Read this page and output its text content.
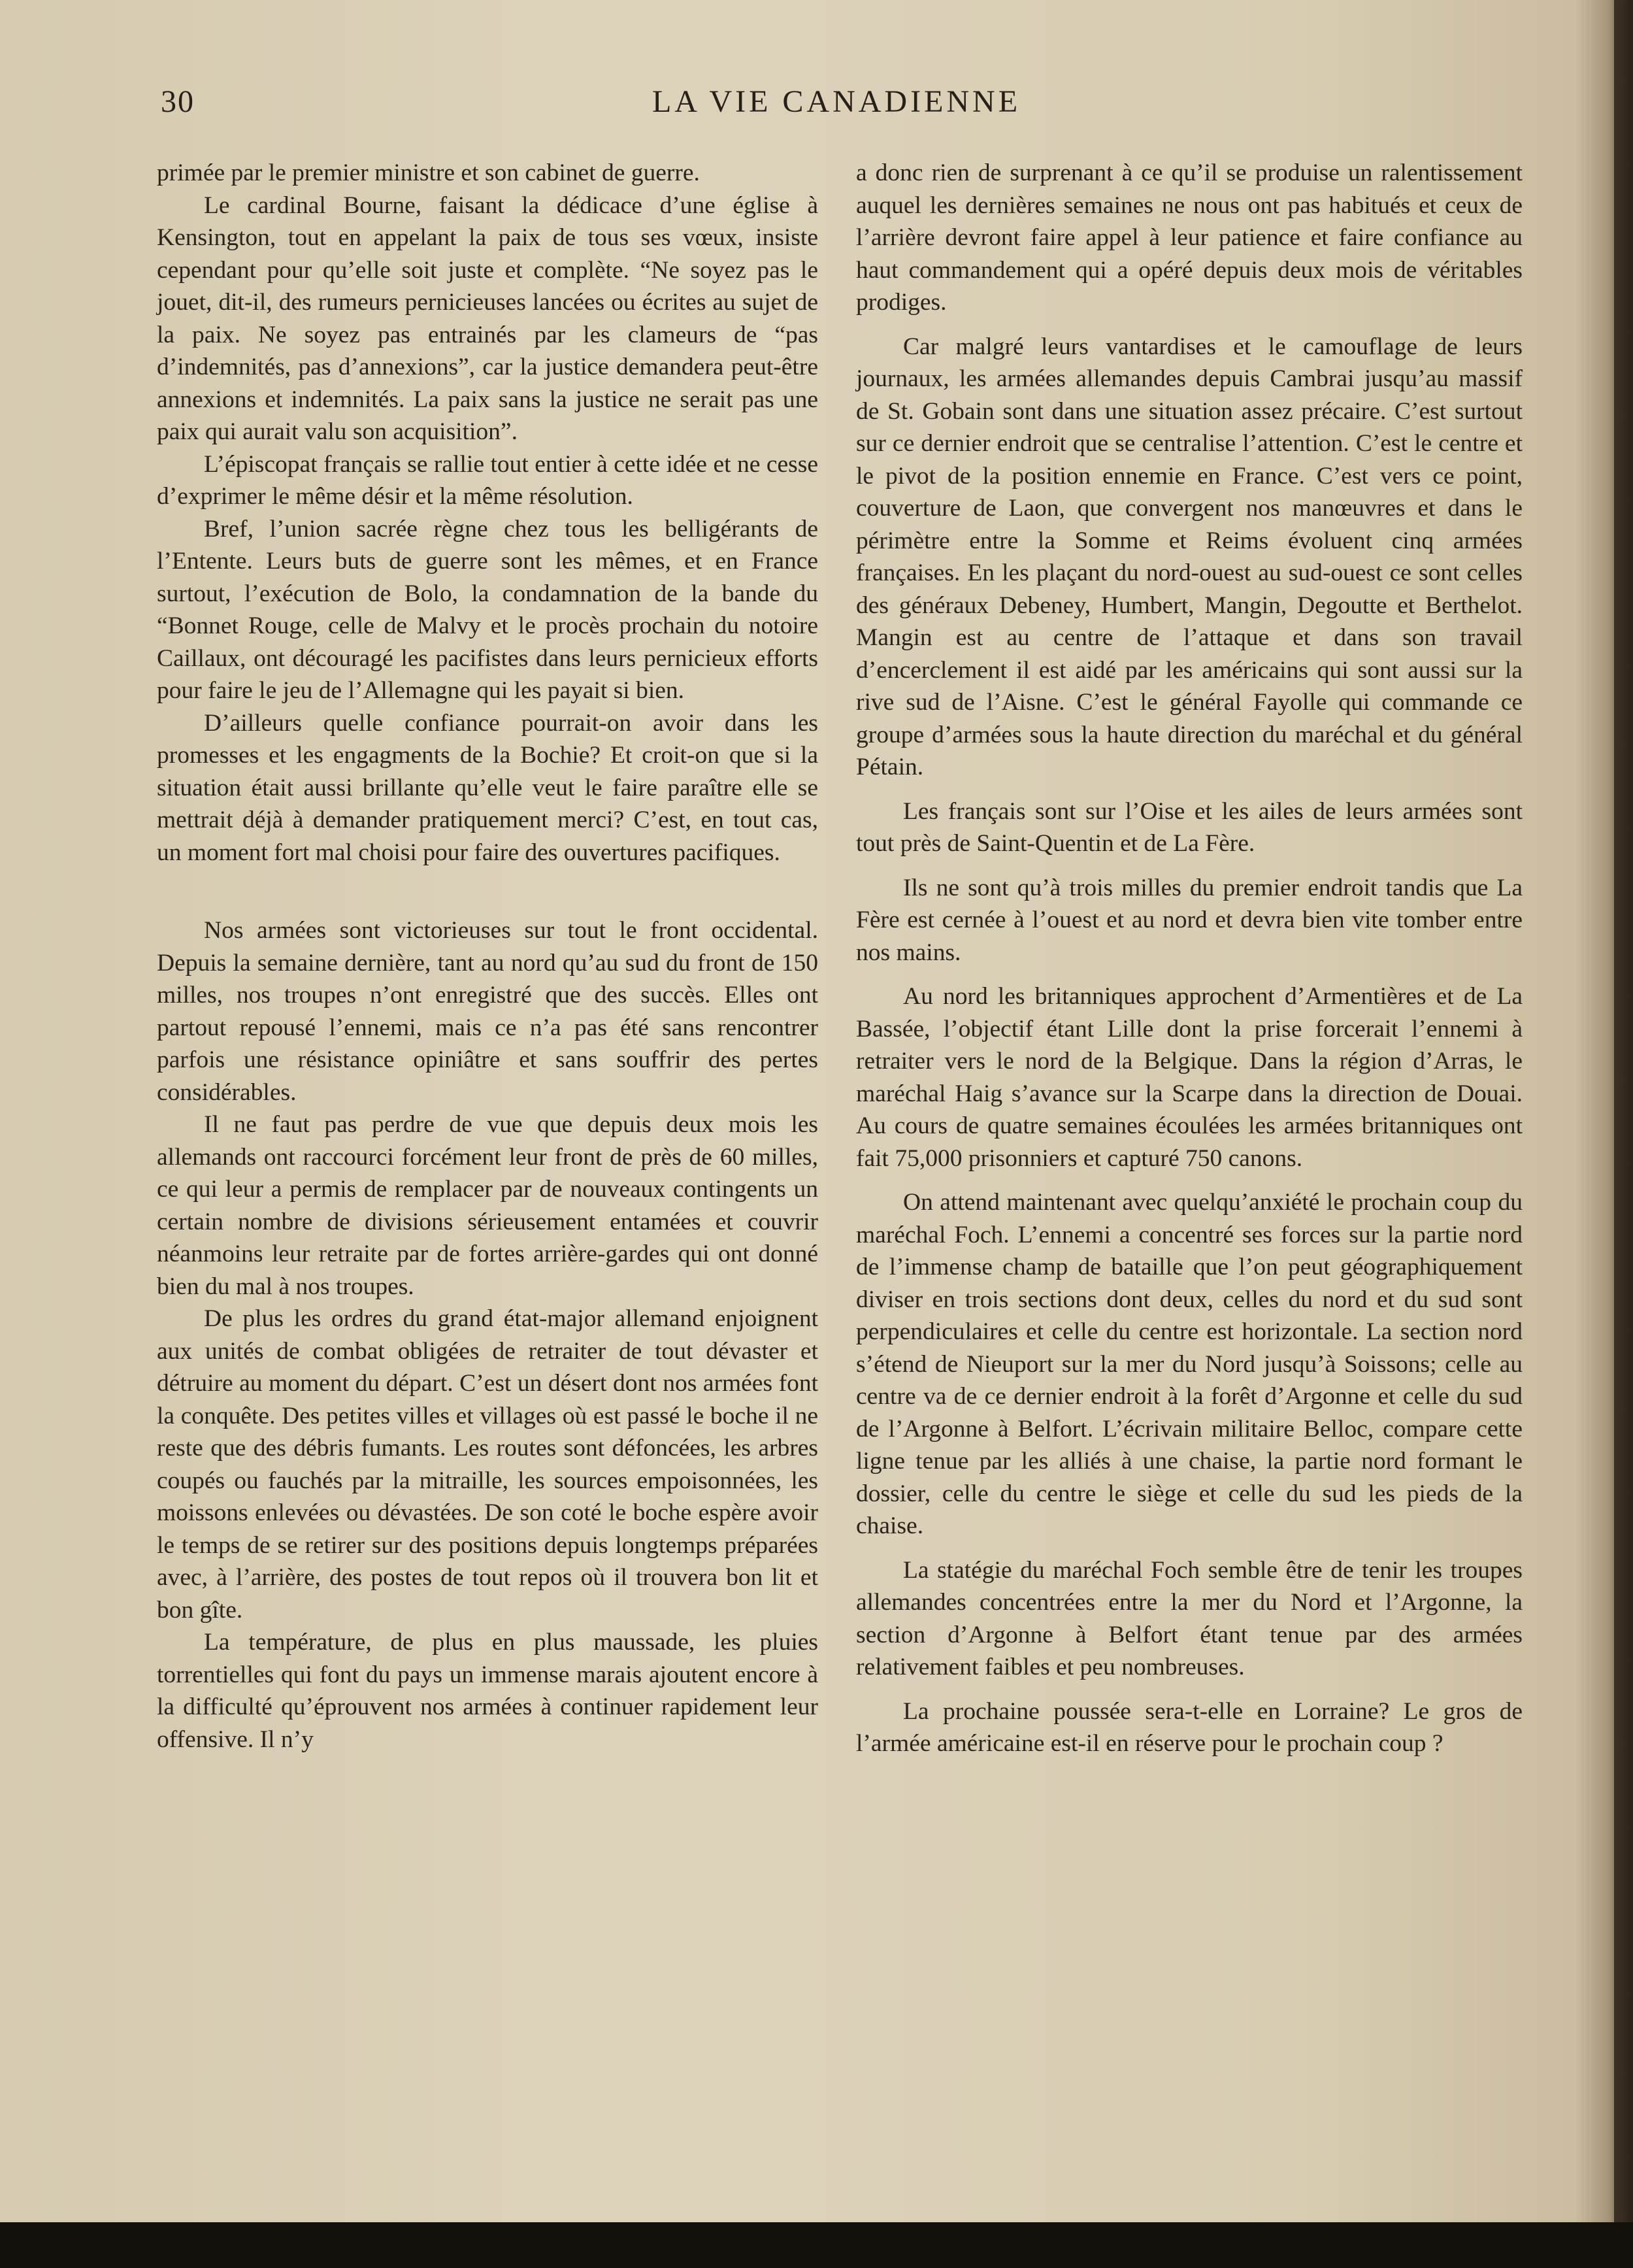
30	LA VIE CANADIENNE

primée par le premier ministre et son cabinet de guerre.

Le cardinal Bourne, faisant la dédicace d’une église à Kensington, tout en appelant la paix de tous ses vœux, insiste cependant pour qu’elle soit juste et complète. “Ne soyez pas le jouet, dit-il, des rumeurs pernicieuses lancées ou écrites au sujet de la paix. Ne soyez pas entrainés par les clameurs de “pas d’indemnités, pas d’annexions”, car la justice demandera peut-être annexions et indemnités. La paix sans la justice ne serait pas une paix qui aurait valu son acquisition”.

L’épiscopat français se rallie tout entier à cette idée et ne cesse d’exprimer le même désir et la même résolution.

Bref, l’union sacrée règne chez tous les belligérants de l’Entente. Leurs buts de guerre sont les mêmes, et en France surtout, l’exécution de Bolo, la condamnation de la bande du “Bonnet Rouge, celle de Malvy et le procès prochain du notoire Caillaux, ont découragé les pacifistes dans leurs pernicieux efforts pour faire le jeu de l’Allemagne qui les payait si bien.

D’ailleurs quelle confiance pourrait-on avoir dans les promesses et les engagments de la Bochie? Et croit-on que si la situation était aussi brillante qu’elle veut le faire paraître elle se mettrait déjà à demander pratiquement merci? C’est, en tout cas, un moment fort mal choisi pour faire des ouvertures pacifiques.

Nos armées sont victorieuses sur tout le front occidental. Depuis la semaine dernière, tant au nord qu’au sud du front de 150 milles, nos troupes n’ont enregistré que des succès. Elles ont partout repousé l’ennemi, mais ce n’a pas été sans rencontrer parfois une résistance opiniâtre et sans souffrir des pertes considérables.

Il ne faut pas perdre de vue que depuis deux mois les allemands ont raccourci forcément leur front de près de 60 milles, ce qui leur a permis de remplacer par de nouveaux contingents un certain nombre de divisions sérieusement entamées et couvrir néanmoins leur retraite par de fortes arrière-gardes qui ont donné bien du mal à nos troupes.

De plus les ordres du grand état-major allemand enjoignent aux unités de combat obligées de retraiter de tout dévaster et détruire au moment du départ. C’est un désert dont nos armées font la conquête. Des petites villes et villages où est passé le boche il ne reste que des débris fumants. Les routes sont défoncées, les arbres coupés ou fauchés par la mitraille, les sources empoisonnées, les moissons enlevées ou dévastées. De son coté le boche espère avoir le temps de se retirer sur des positions depuis longtemps préparées avec, à l’arrière, des postes de tout repos où il trouvera bon lit et bon gîte.

La température, de plus en plus maussade, les pluies torrentielles qui font du pays un immense marais ajoutent encore à la difficulté qu’éprouvent nos armées à continuer rapidement leur offensive. Il n’y

a donc rien de surprenant à ce qu’il se produise un ralentissement auquel les dernières semaines ne nous ont pas habitués et ceux de l’arrière devront faire appel à leur patience et faire confiance au haut commandement qui a opéré depuis deux mois de véritables prodiges.

Car malgré leurs vantardises et le camouflage de leurs journaux, les armées allemandes depuis Cambrai jusqu’au massif de St. Gobain sont dans une situation assez précaire. C’est surtout sur ce dernier endroit que se centralise l’attention. C’est le centre et le pivot de la position ennemie en France. C’est vers ce point, couverture de Laon, que convergent nos manœuvres et dans le périmètre entre la Somme et Reims évoluent cinq armées françaises. En les plaçant du nord-ouest au sud-ouest ce sont celles des généraux Debeney, Humbert, Mangin, Degoutte et Berthelot. Mangin est au centre de l’attaque et dans son travail d’encerclement il est aidé par les américains qui sont aussi sur la rive sud de l’Aisne. C’est le général Fayolle qui commande ce groupe d’armées sous la haute direction du maréchal et du général Pétain.

Les français sont sur l’Oise et les ailes de leurs armées sont tout près de Saint-Quentin et de La Fère.

Ils ne sont qu’à trois milles du premier endroit tandis que La Fère est cernée à l’ouest et au nord et devra bien vite tomber entre nos mains.

Au nord les britanniques approchent d’Armentières et de La Bassée, l’objectif étant Lille dont la prise forcerait l’ennemi à retraiter vers le nord de la Belgique. Dans la région d’Arras, le maréchal Haig s’avance sur la Scarpe dans la direction de Douai. Au cours de quatre semaines écoulées les armées britanniques ont fait 75,000 prisonniers et capturé 750 canons.

On attend maintenant avec quelqu’anxiété le prochain coup du maréchal Foch. L’ennemi a concentré ses forces sur la partie nord de l’immense champ de bataille que l’on peut géographiquement diviser en trois sections dont deux, celles du nord et du sud sont perpendiculaires et celle du centre est horizontale. La section nord s’étend de Nieuport sur la mer du Nord jusqu’à Soissons; celle au centre va de ce dernier endroit à la forêt d’Argonne et celle du sud de l’Argonne à Belfort. L’écrivain militaire Belloc, compare cette ligne tenue par les alliés à une chaise, la partie nord formant le dossier, celle du centre le siège et celle du sud les pieds de la chaise.

La statégie du maréchal Foch semble être de tenir les troupes allemandes concentrées entre la mer du Nord et l’Argonne, la section d’Argonne à Belfort étant tenue par des armées relativement faibles et peu nombreuses.

La prochaine poussée sera-t-elle en Lorraine? Le gros de l’armée américaine est-il en réserve pour le prochain coup ?
